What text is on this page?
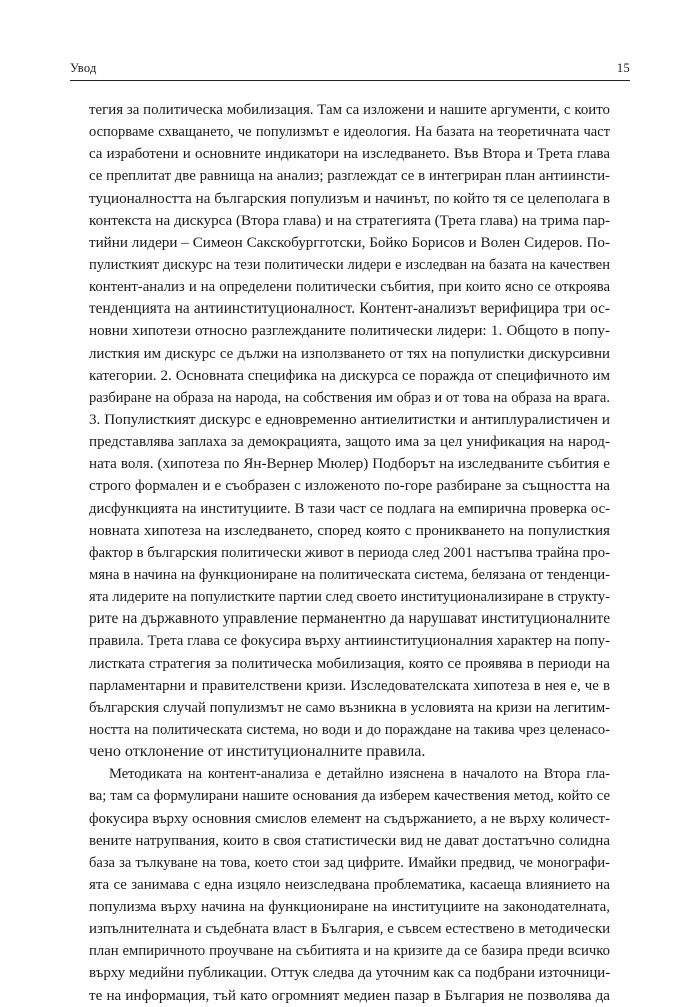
Увод	15
тегия за политическа мобилизация. Там са изложени и нашите аргументи, с които
оспорваме схващането, че популизмът е идеология. На базата на теоретичната част
са изработени и основните индикатори на изследването. Във Втора и Трета глава
се преплитат две равнища на анализ; разглеждат се в интегриран план антиинсти-
туционалността на българския популизъм и начинът, по който тя се целеполага в
контекста на дискурса (Втора глава) и на стратегията (Трета глава) на трима пар-
тийни лидери – Симеон Сакскобургготски, Бойко Борисов и Волен Сидеров. По-
пулисткият дискурс на тези политически лидери е изследван на базата на качествен
контент-анализ и на определени политически събития, при които ясно се откроява
тенденцията на антиинституционалност. Контент-анализът верифицира три ос-
новни хипотези относно разглежданите политически лидери: 1. Общото в попу-
листкия им дискурс се дължи на използването от тях на популистки дискурсивни
категории. 2. Основната специфика на дискурса се поражда от специфичното им
разбиране на образа на народа, на собствения им образ и от това на образа на врага.
3. Популисткият дискурс е едновременно антиелитистки и антиплуралистичен и
представлява заплаха за демокрацията, защото има за цел унификация на народ-
ната воля. (хипотеза по Ян-Вернер Мюлер) Подборът на изследваните събития е
строго формален и е съобразен с изложеното по-горе разбиране за същността на
дисфункцията на институциите. В тази част се подлага на емпирична проверка ос-
новната хипотеза на изследването, според която с проникването на популисткия
фактор в българския политически живот в периода след 2001 настъпва трайна про-
мяна в начина на функциониране на политическата система, белязана от тенденци-
ята лидерите на популистките партии след своето институционализиране в структу-
рите на държавното управление перманентно да нарушават институционалните
правила. Трета глава се фокусира върху антиинституционалния характер на попу-
листката стратегия за политическа мобилизация, която се проявява в периоди на
парламентарни и правителствени кризи. Изследователската хипотеза в нея е, че в
българския случай популизмът не само възникна в условията на кризи на легитим-
ността на политическата система, но води и до пораждане на такива чрез целенасо-
чено отклонение от институционалните правила.
Методиката на контент-анализа е детайлно изяснена в началото на Втора гла-
ва; там са формулирани нашите основания да изберем качествения метод, който се
фокусира върху основния смислов елемент на съдържанието, а не върху количест-
вените натрупвания, които в своя статистически вид не дават достатъчно солидна
база за тълкуване на това, което стои зад цифрите. Имайки предвид, че монографи-
ята се занимава с една изцяло неизследвана проблематика, касаеща влиянието на
популизма върху начина на функциониране на институциите на законодателната,
изпълнителната и съдебната власт в България, е съвсем естествено в методически
план емпиричното проучване на събитията и на кризите да се базира преди всичко
върху медийни публикации. Оттук следва да уточним как са подбрани източници-
те на информация, тъй като огромният медиен пазар в България не позволява да
